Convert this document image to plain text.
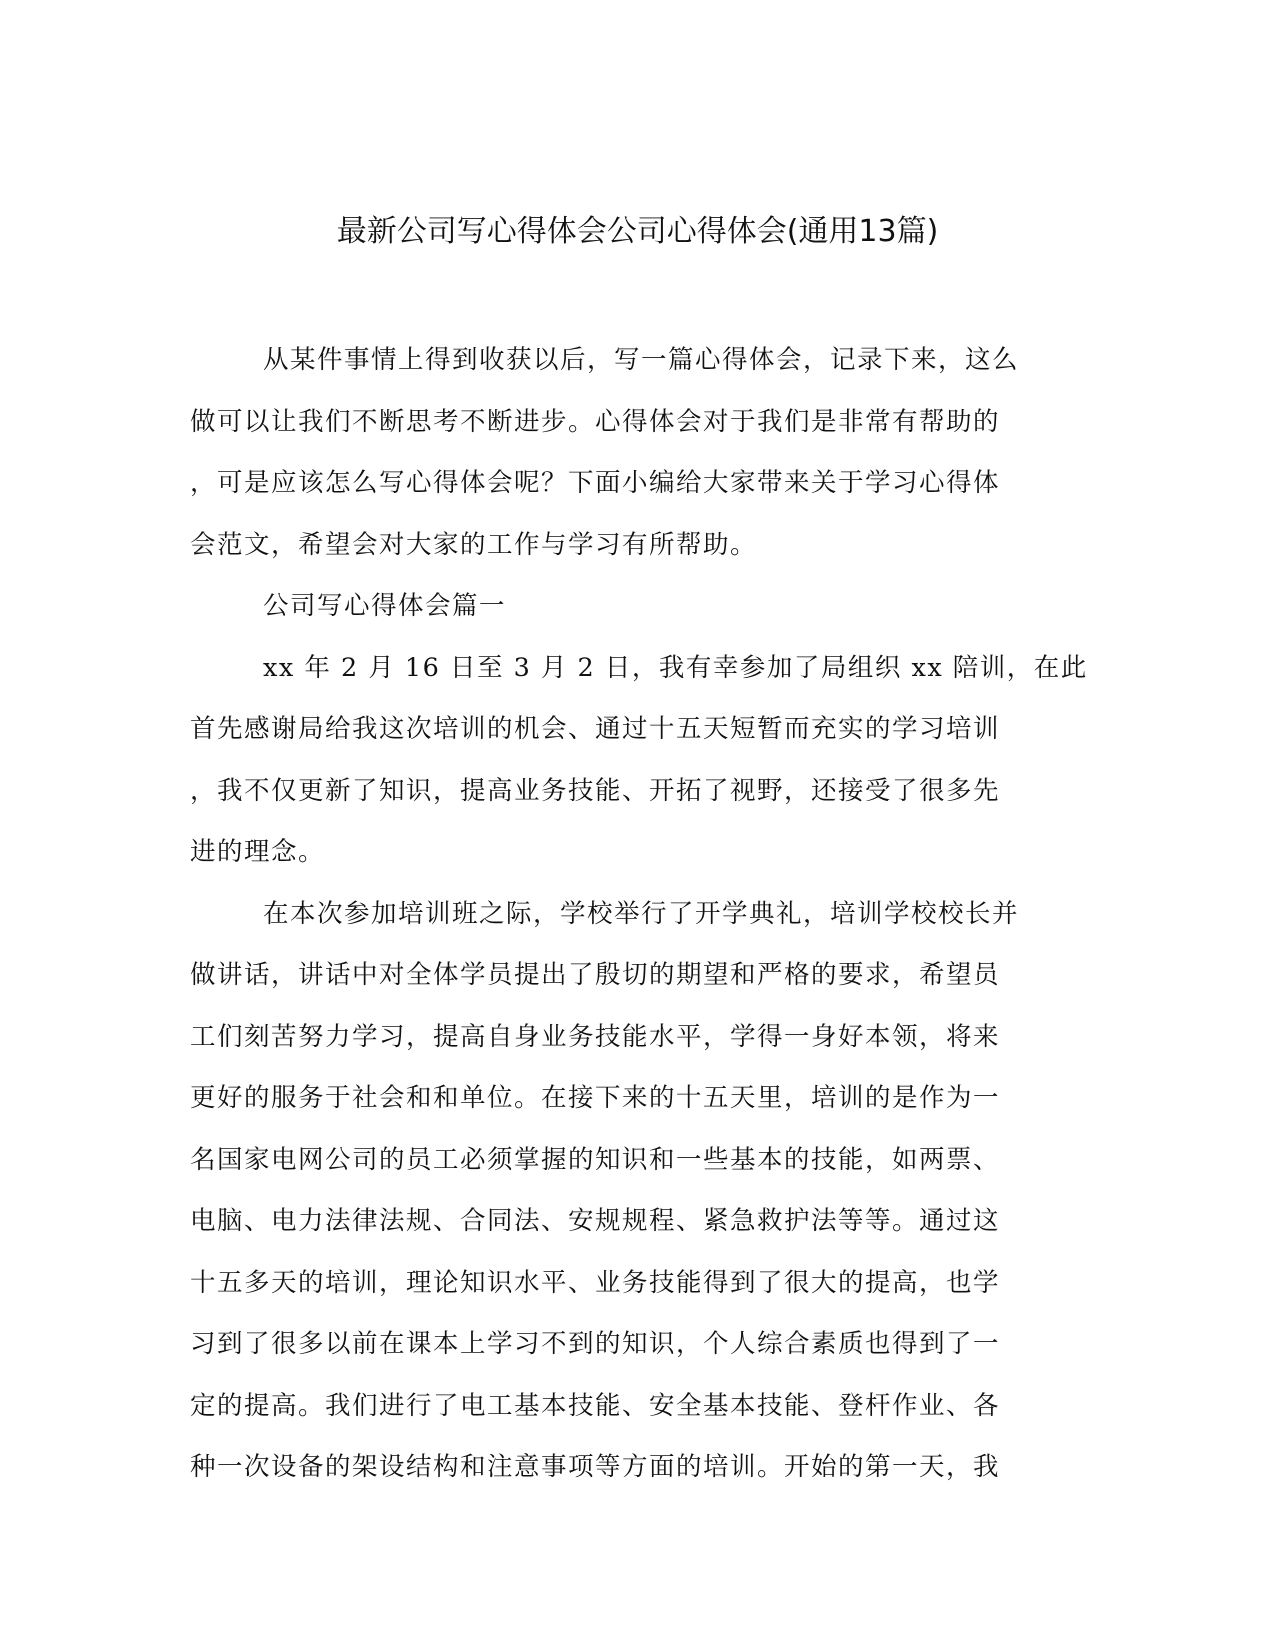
最新公司写心得体会公司心得体会(通用13篇)
从某件事情上得到收获以后，写一篇心得体会，记录下来，这么
做可以让我们不断思考不断进步。心得体会对于我们是非常有帮助的
，可是应该怎么写心得体会呢？下面小编给大家带来关于学习心得体
会范文，希望会对大家的工作与学习有所帮助。
公司写心得体会篇一
xx 年 2 月 16 日至 3 月 2 日，我有幸参加了局组织 xx 陪训，在此
首先感谢局给我这次培训的机会、通过十五天短暂而充实的学习培训
，我不仅更新了知识，提高业务技能、开拓了视野，还接受了很多先
进的理念。
在本次参加培训班之际，学校举行了开学典礼，培训学校校长并
做讲话，讲话中对全体学员提出了殷切的期望和严格的要求，希望员
工们刻苦努力学习，提高自身业务技能水平，学得一身好本领，将来
更好的服务于社会和和单位。在接下来的十五天里，培训的是作为一
名国家电网公司的员工必须掌握的知识和一些基本的技能，如两票、
电脑、电力法律法规、合同法、安规规程、紧急救护法等等。通过这
十五多天的培训，理论知识水平、业务技能得到了很大的提高，也学
习到了很多以前在课本上学习不到的知识，个人综合素质也得到了一
定的提高。我们进行了电工基本技能、安全基本技能、登杆作业、各
种一次设备的架设结构和注意事项等方面的培训。开始的第一天，我
